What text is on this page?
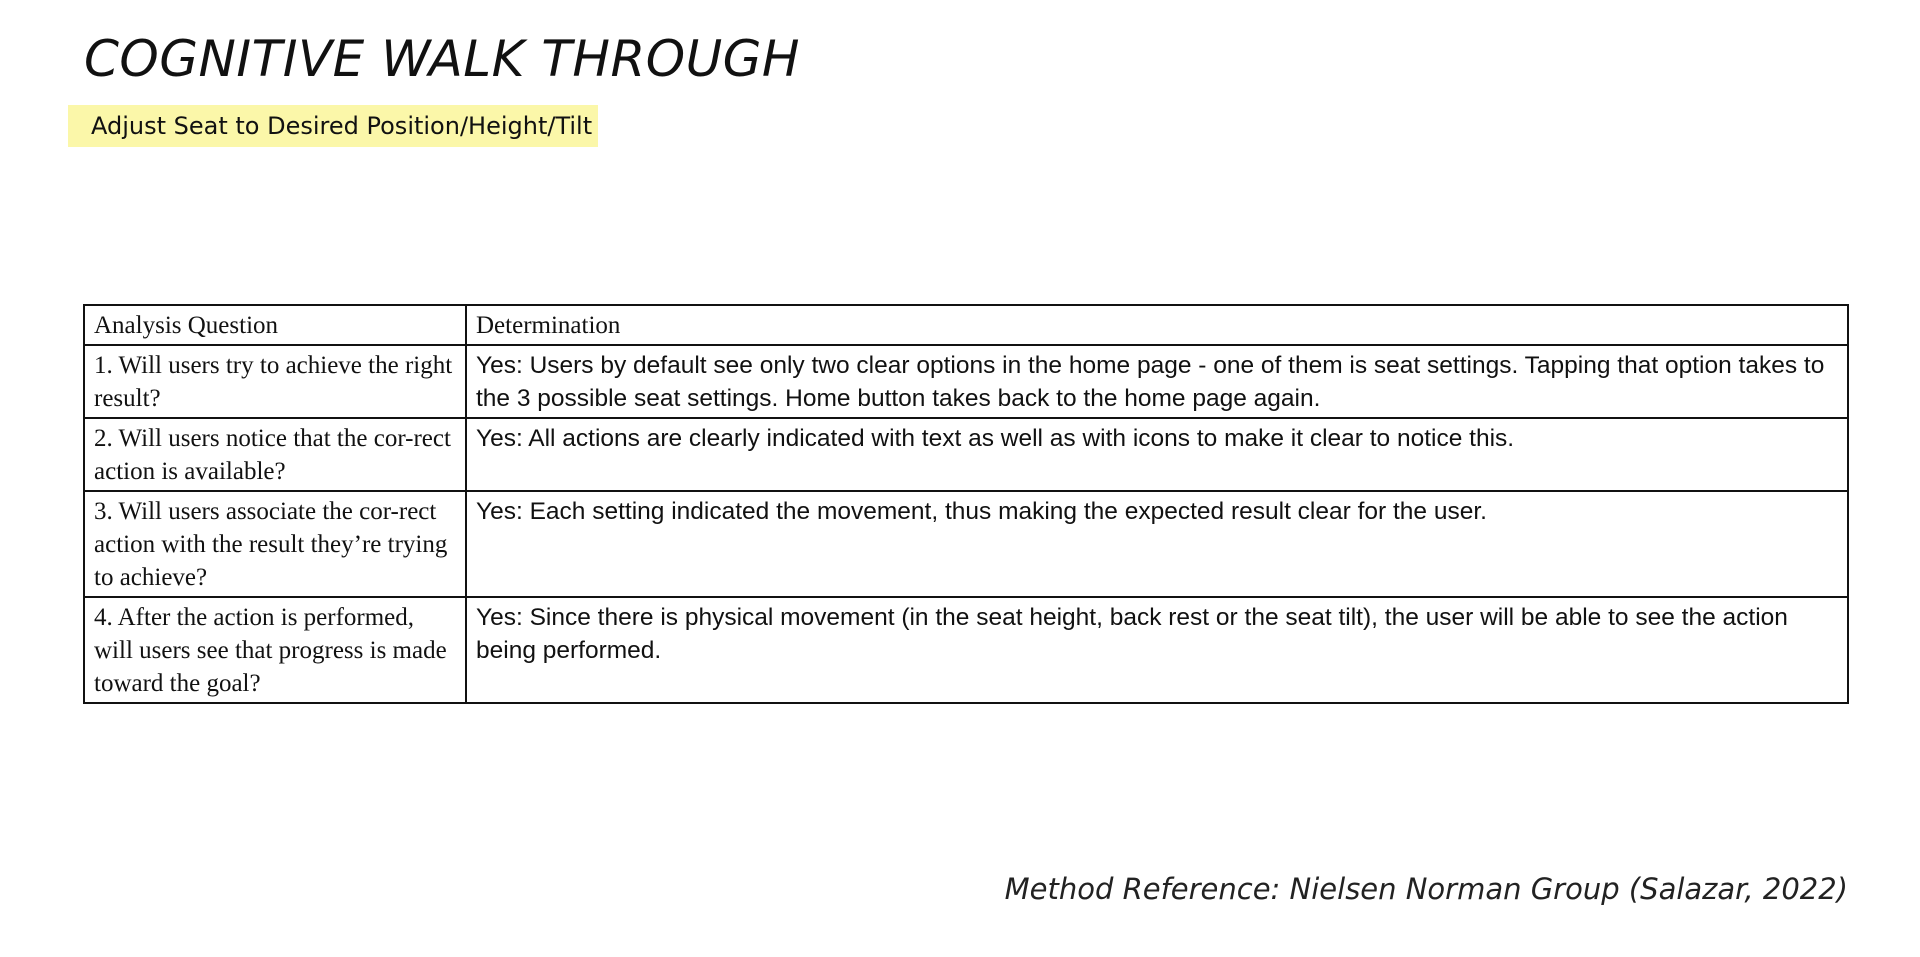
COGNITIVE WALK THROUGH
Adjust Seat to Desired Position/Height/Tilt
Analysis Question	Determination
1. Will users try to achieve the right result?	Yes: Users by default see only two clear options in the home page - one of them is seat settings. Tapping that option takes to the 3 possible seat settings. Home button takes back to the home page again.
2. Will users notice that the cor-rect action is available?	Yes: All actions are clearly indicated with text as well as with icons to make it clear to notice this.
3. Will users associate the cor-rect action with the result they’re trying to achieve?	Yes: Each setting indicated the movement, thus making the expected result clear for the user.
4. After the action is performed, will users see that progress is made toward the goal?	Yes: Since there is physical movement (in the seat height, back rest or the seat tilt), the user will be able to see the action being performed.
Method Reference: Nielsen Norman Group (Salazar, 2022)
